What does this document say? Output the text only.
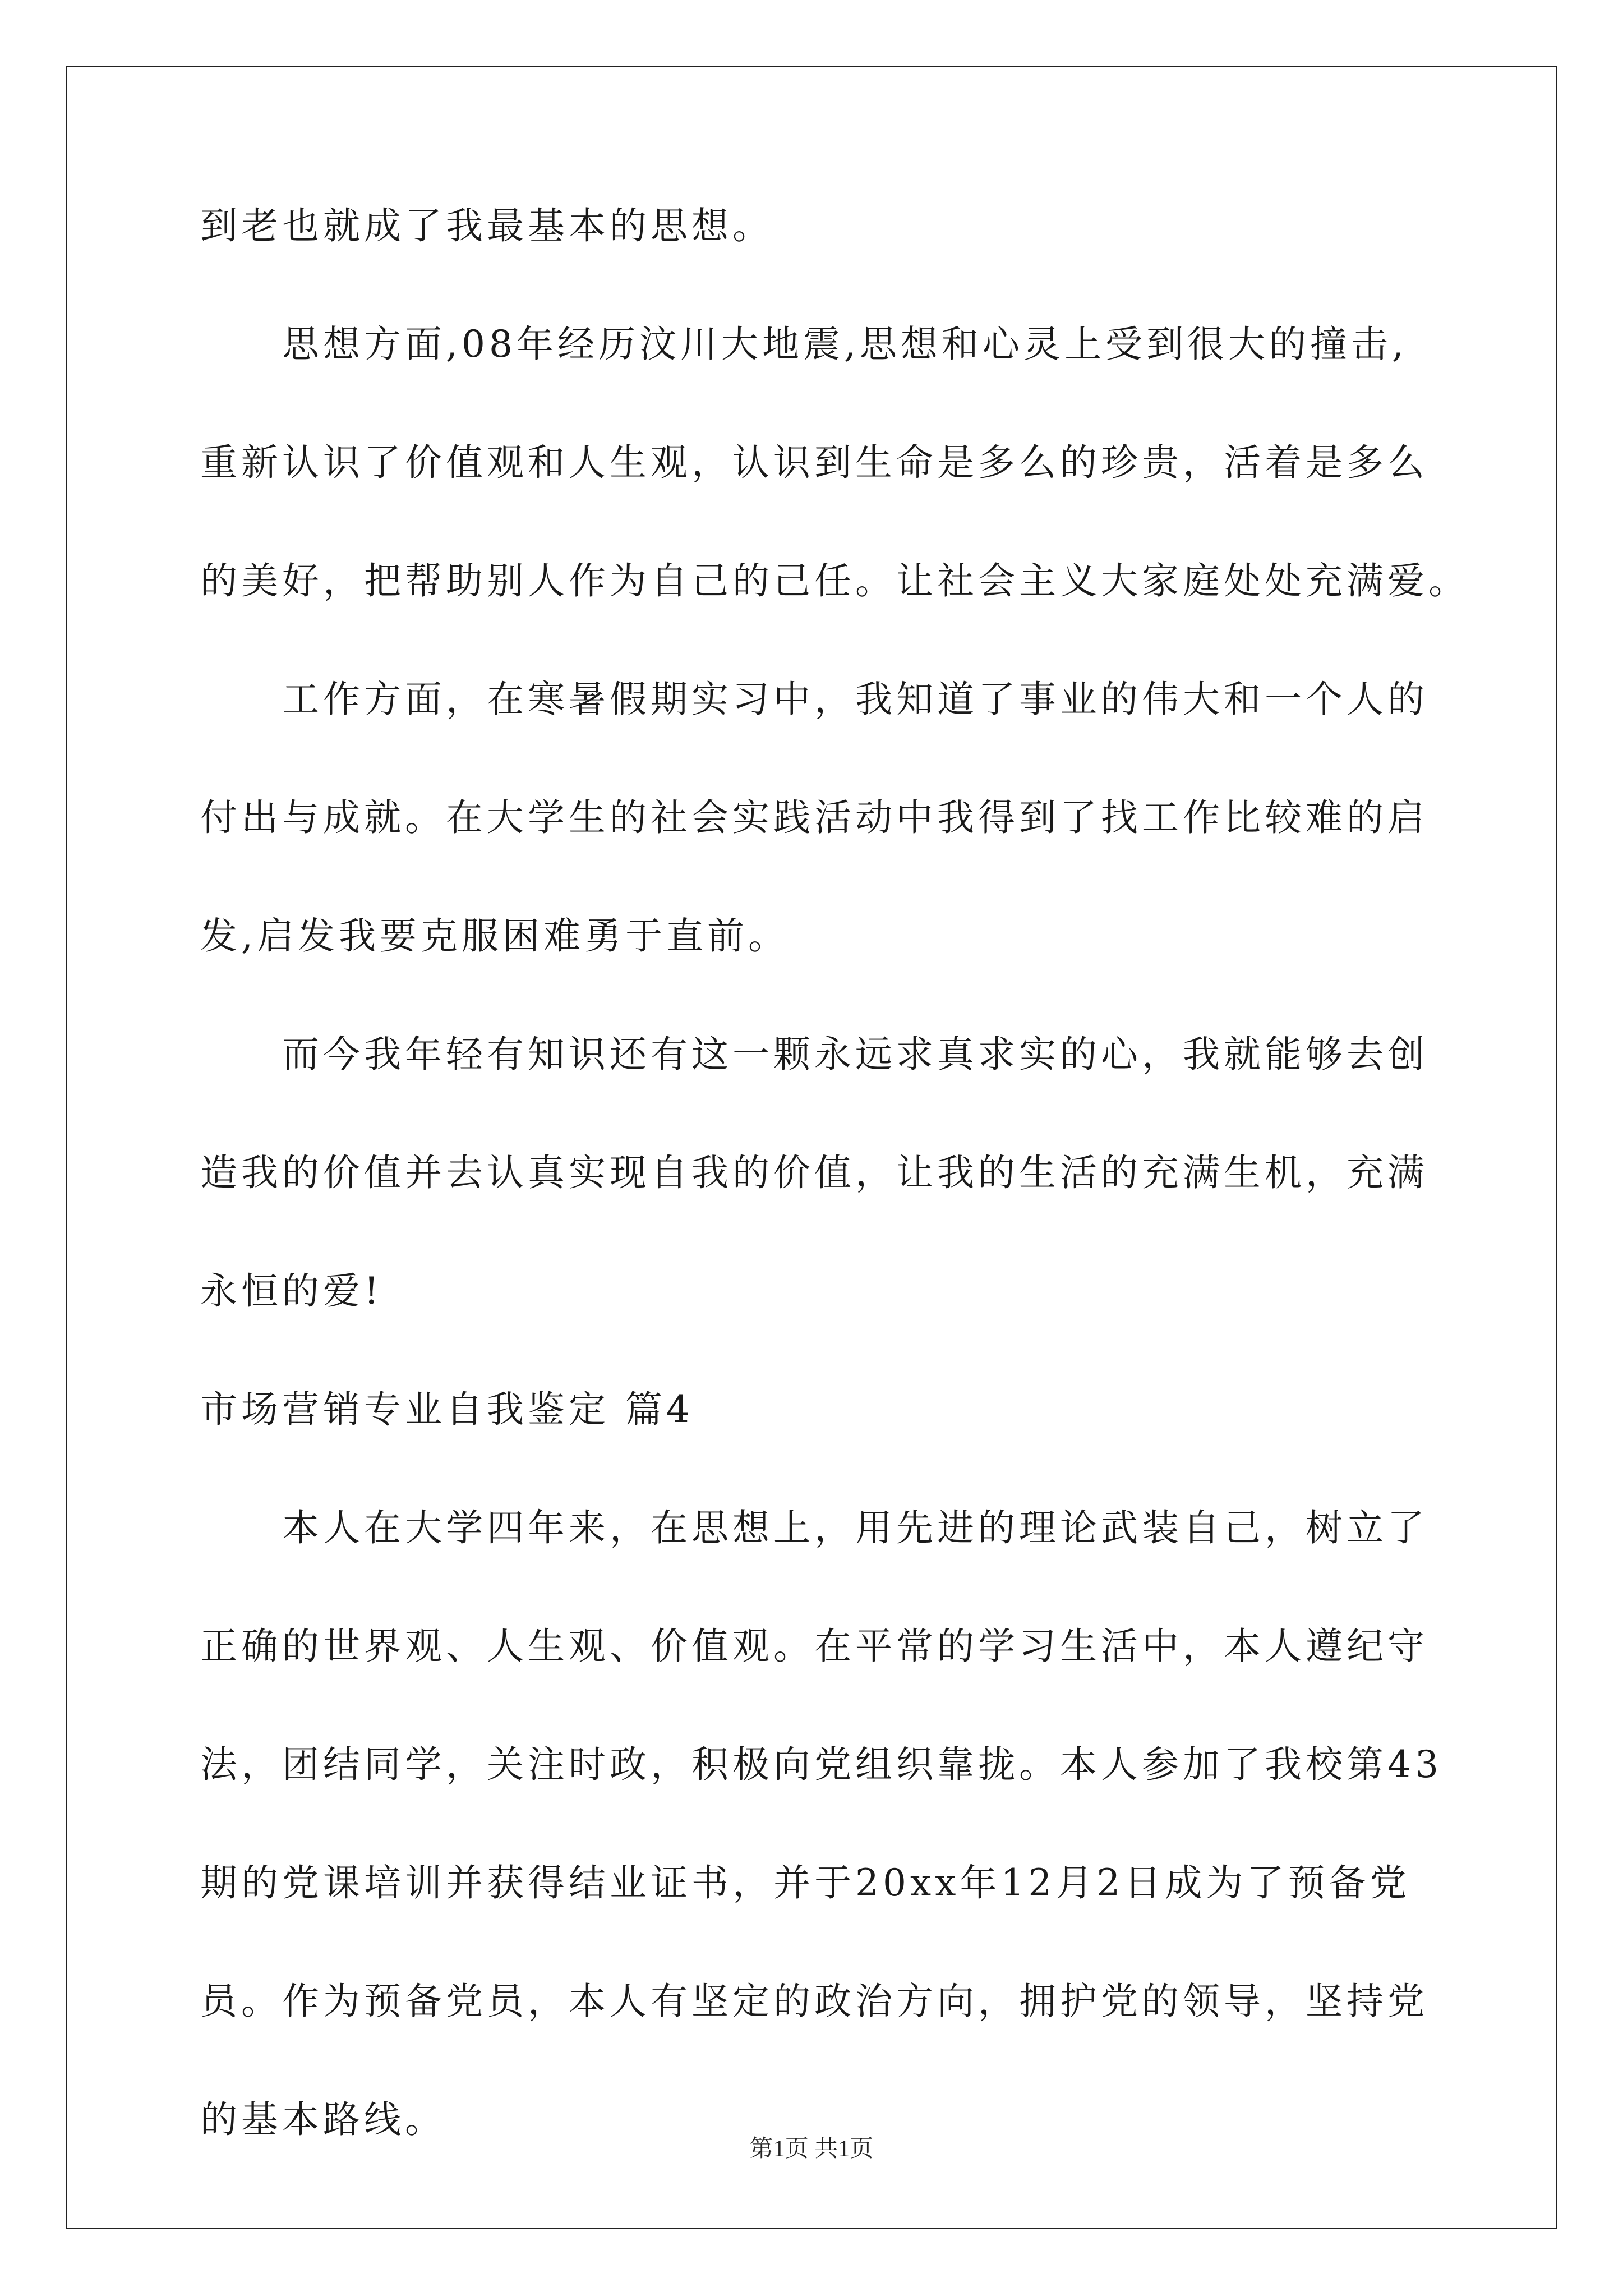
到老也就成了我最基本的思想。
思想方面,08年经历汶川大地震,思想和心灵上受到很大的撞击,
重新认识了价值观和人生观，认识到生命是多么的珍贵，活着是多么
的美好，把帮助别人作为自己的己任。让社会主义大家庭处处充满爱。
工作方面，在寒暑假期实习中，我知道了事业的伟大和一个人的
付出与成就。在大学生的社会实践活动中我得到了找工作比较难的启
发,启发我要克服困难勇于直前。
而今我年轻有知识还有这一颗永远求真求实的心，我就能够去创
造我的价值并去认真实现自我的价值，让我的生活的充满生机，充满
永恒的爱!
市场营销专业自我鉴定 篇4
本人在大学四年来，在思想上，用先进的理论武装自己，树立了
正确的世界观、人生观、价值观。在平常的学习生活中，本人遵纪守
法，团结同学，关注时政，积极向党组织靠拢。本人参加了我校第43
期的党课培训并获得结业证书，并于20xx年12月2日成为了预备党
员。作为预备党员，本人有坚定的政治方向，拥护党的领导，坚持党
的基本路线。
第1页 共1页
